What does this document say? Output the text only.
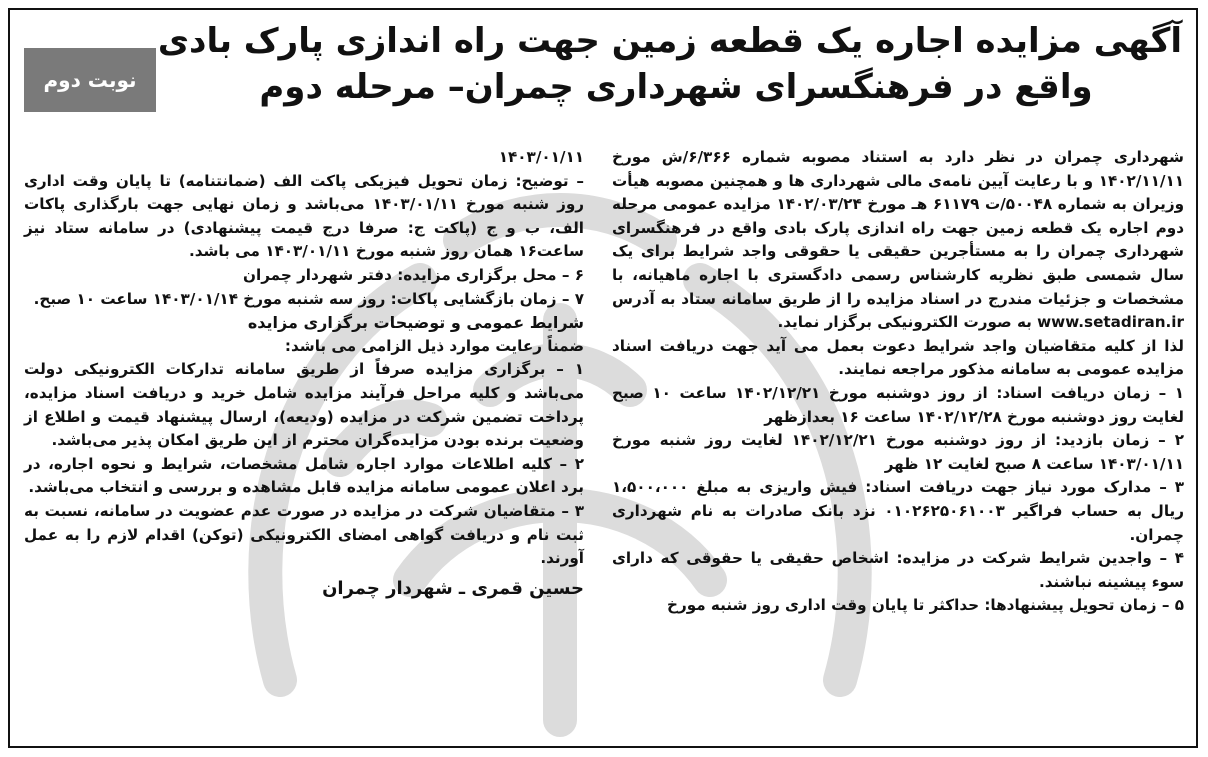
نوبت دوم
آگهی مزایده اجاره یک قطعه زمین جهت راه اندازی پارک بادی
واقع در فرهنگسرای شهرداری چمران– مرحله دوم

شهرداری چمران در نظر دارد به استناد مصوبه شماره ۶/۳۶۶/ش مورخ ۱۴۰۲/۱۱/۱۱ و با رعایت آیین نامه‌ی مالی شهرداری ها و همچنین مصوبه هیأت وزیران به شماره ۵۰۰۴۸/ت ۶۱۱۷۹ هـ مورخ ۱۴۰۲/۰۳/۲۴ مزایده عمومی مرحله دوم اجاره یک قطعه زمین جهت راه اندازی پارک بادی واقع در فرهنگسرای شهرداری چمران را به مستأجرین حقیقی یا حقوقی واجد شرایط برای یک سال شمسی طبق نظریه کارشناس رسمی دادگستری با اجاره ماهیانه، با مشخصات و جزئیات مندرج در اسناد مزایده را از طریق سامانه ستاد به آدرس www.setadiran.ir به صورت الکترونیکی برگزار نماید.

لذا از کلیه متقاضیان واجد شرایط دعوت بعمل می آید جهت دریافت اسناد مزایده عمومی به سامانه مذکور مراجعه نمایند.

۱ – زمان دریافت اسناد: از روز دوشنبه مورخ ۱۴۰۲/۱۲/۲۱ ساعت ۱۰ صبح لغایت روز دوشنبه مورخ ۱۴۰۲/۱۲/۲۸ ساعت ۱۶ بعدازظهر

۲ – زمان بازدید: از روز دوشنبه مورخ ۱۴۰۲/۱۲/۲۱ لغایت روز شنبه مورخ ۱۴۰۳/۰۱/۱۱ ساعت ۸ صبح لغایت ۱۲ ظهر

۳ – مدارک مورد نیاز جهت دریافت اسناد: فیش واریزی به مبلغ ۱،۵۰۰،۰۰۰ ریال به حساب فراگیر ۰۱۰۲۶۲۵۰۶۱۰۰۳ نزد بانک صادرات به نام شهرداری چمران.

۴ – واجدین شرایط شرکت در مزایده: اشخاص حقیقی یا حقوقی که دارای سوء پیشینه نباشند.

۵ – زمان تحویل پیشنهادها: حداکثر تا پایان وقت اداری روز شنبه مورخ

۱۴۰۳/۰۱/۱۱

– توضیح: زمان تحویل فیزیکی پاکت الف (ضمانتنامه) تا پایان وقت اداری روز شنبه مورخ ۱۴۰۳/۰۱/۱۱ می‌باشد و زمان نهایی جهت بارگذاری پاکات الف، ب و ج (پاکت ج: صرفا درج قیمت پیشنهادی) در سامانه ستاد نیز ساعت۱۶ همان روز شنبه مورخ ۱۴۰۳/۰۱/۱۱ می باشد.

۶ – محل برگزاری مزایده: دفتر شهردار چمران

۷ – زمان بازگشایی پاکات: روز سه شنبه مورخ ۱۴۰۳/۰۱/۱۴ ساعت ۱۰ صبح.

شرایط عمومی و توضیحات برگزاری مزایده

ضمناً رعایت موارد ذیل الزامی می باشد:

۱ – برگزاری مزایده صرفاً از طریق سامانه تدارکات الکترونیکی دولت می‌باشد و کلیه مراحل فرآیند مزایده شامل خرید و دریافت اسناد مزایده، پرداخت تضمین شرکت در مزایده (ودیعه)، ارسال پیشنهاد قیمت و اطلاع از وضعیت برنده بودن مزایده‌گران محترم از این طریق امکان پذیر می‌باشد.

۲ – کلیه اطلاعات موارد اجاره شامل مشخصات، شرایط و نحوه اجاره، در برد اعلان عمومی سامانه مزایده قابل مشاهده و بررسی و انتخاب می‌باشد.

۳ – متقاضیان شرکت در مزایده در صورت عدم عضویت در سامانه، نسبت به ثبت نام و دریافت گواهی امضای الکترونیکی (توکن) اقدام لازم را به عمل آورند.

حسین قمری ـ شهردار چمران
